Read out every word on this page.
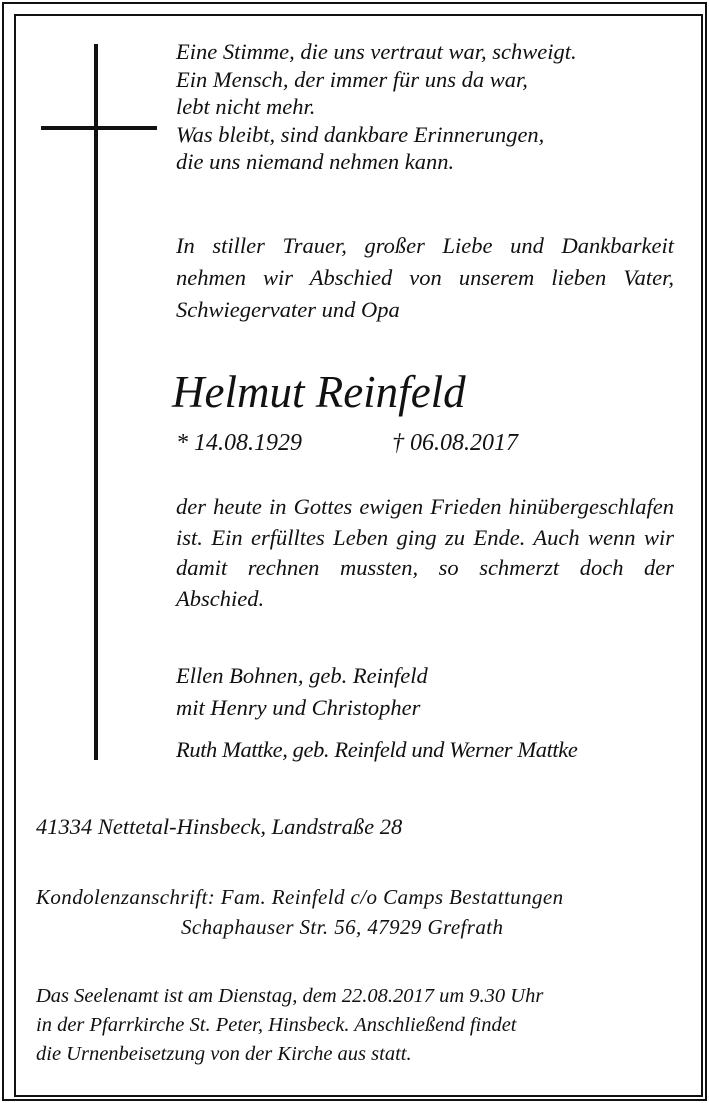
Eine Stimme, die uns vertraut war, schweigt.
Ein Mensch, der immer für uns da war,
lebt nicht mehr.
Was bleibt, sind dankbare Erinnerungen,
die uns niemand nehmen kann.

In stiller Trauer, großer Liebe und Dankbarkeit nehmen wir Abschied von unserem lieben Vater, Schwiegervater und Opa

Helmut Reinfeld
* 14.08.1929	† 06.08.2017

der heute in Gottes ewigen Frieden hinübergeschlafen ist. Ein erfülltes Leben ging zu Ende. Auch wenn wir damit rechnen mussten, so schmerzt doch der Abschied.

Ellen Bohnen, geb. Reinfeld
mit Henry und Christopher
Ruth Mattke, geb. Reinfeld und Werner Mattke
41334 Nettetal-Hinsbeck, Landstraße 28
Kondolenzanschrift: Fam. Reinfeld c/o Camps Bestattungen
Schaphauser Str. 56, 47929 Grefrath
Das Seelenamt ist am Dienstag, dem 22.08.2017 um 9.30 Uhr
in der Pfarrkirche St. Peter, Hinsbeck. Anschließend findet
die Urnenbeisetzung von der Kirche aus statt.
